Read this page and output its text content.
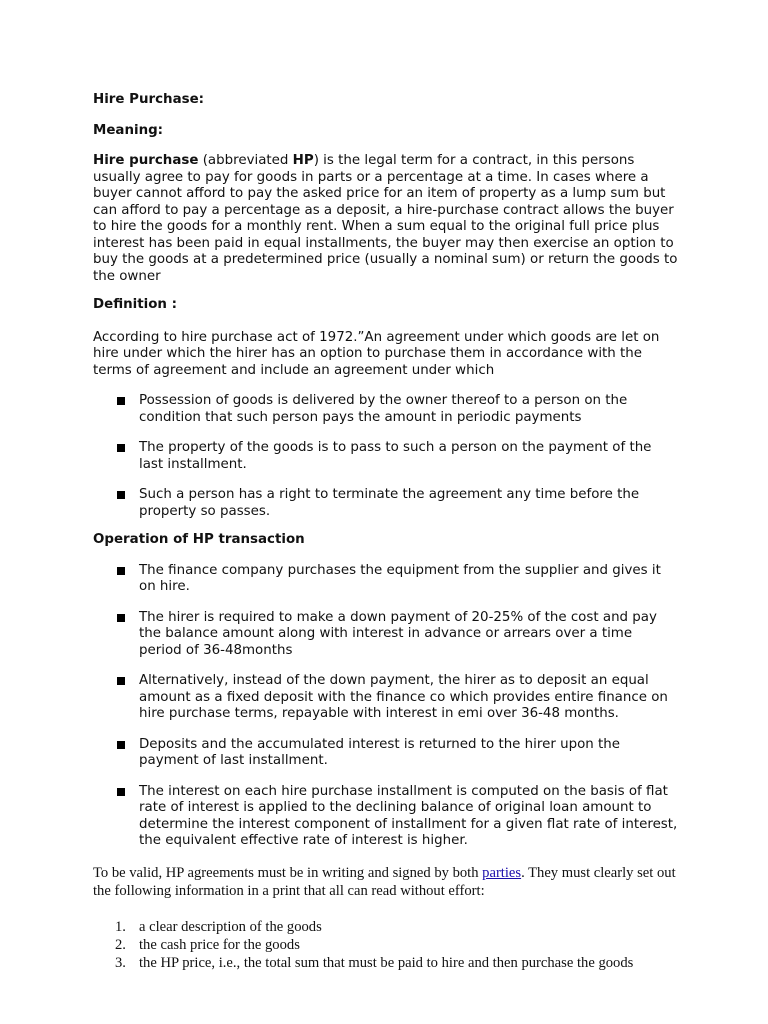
Hire Purchase:

Meaning:

Hire purchase (abbreviated HP) is the legal term for a contract, in this persons usually agree to pay for goods in parts or a percentage at a time. In cases where a buyer cannot afford to pay the asked price for an item of property as a lump sum but can afford to pay a percentage as a deposit, a hire-purchase contract allows the buyer to hire the goods for a monthly rent. When a sum equal to the original full price plus interest has been paid in equal installments, the buyer may then exercise an option to buy the goods at a predetermined price (usually a nominal sum) or return the goods to the owner

Definition :

According to hire purchase act of 1972.”An agreement under which goods are let on hire under which the hirer has an option to purchase them in accordance with the terms of agreement and include an agreement under which

Possession of goods is delivered by the owner thereof to a person on the condition that such person pays the amount in periodic payments
The property of the goods is to pass to such a person on the payment of the last installment.
Such a person has a right to terminate the agreement any time before the property so passes.

Operation of HP transaction

The finance company purchases the equipment from the supplier and gives it on hire.
The hirer is required to make a down payment of 20-25% of the cost and pay the balance amount along with interest in advance or arrears over a time period of 36-48months
Alternatively, instead of the down payment, the hirer as to deposit an equal amount as a fixed deposit with the finance co which provides entire finance on hire purchase terms, repayable with interest in emi over 36-48 months.
Deposits and the accumulated interest is returned to the hirer upon the payment of last installment.
The interest on each hire purchase installment is computed on the basis of flat rate of interest is applied to the declining balance of original loan amount to determine the interest component of installment for a given flat rate of interest, the equivalent effective rate of interest is higher.

To be valid, HP agreements must be in writing and signed by both parties. They must clearly set out the following information in a print that all can read without effort:

1. a clear description of the goods
2. the cash price for the goods
3. the HP price, i.e., the total sum that must be paid to hire and then purchase the goods
